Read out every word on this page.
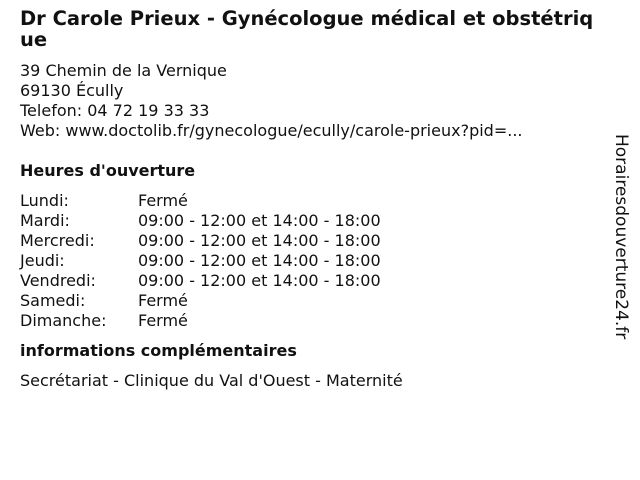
Dr Carole Prieux - Gynécologue médical et obstétrique
39 Chemin de la Vernique
69130 Écully
Telefon: 04 72 19 33 33
Web: www.doctolib.fr/gynecologue/ecully/carole-prieux?pid=...
Heures d'ouverture
Lundi:	Fermé
Mardi:	09:00 - 12:00 et 14:00 - 18:00
Mercredi:	09:00 - 12:00 et 14:00 - 18:00
Jeudi:	09:00 - 12:00 et 14:00 - 18:00
Vendredi:	09:00 - 12:00 et 14:00 - 18:00
Samedi:	Fermé
Dimanche:	Fermé
informations complémentaires
Secrétariat - Clinique du Val d'Ouest - Maternité
Horairesdouverture24.fr
